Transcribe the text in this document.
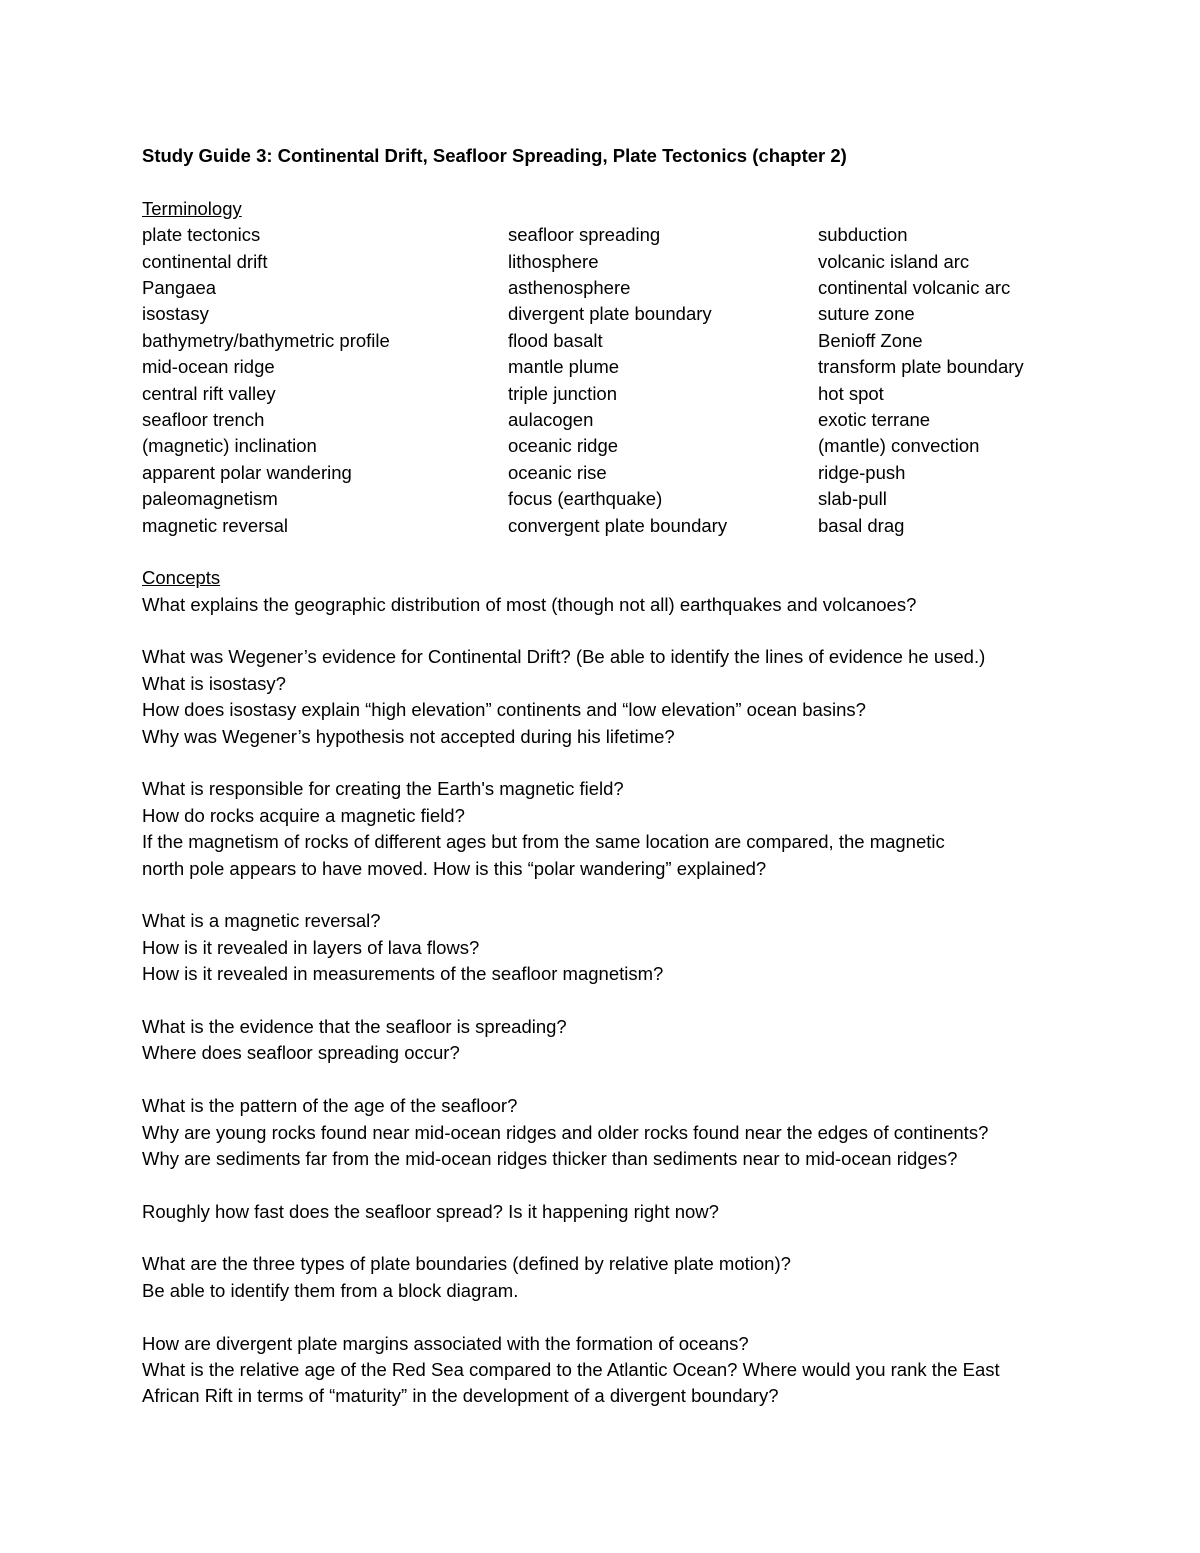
Study Guide 3: Continental Drift, Seafloor Spreading, Plate Tectonics (chapter 2)
Terminology
plate tectonics
continental drift
Pangaea
isostasy
bathymetry/bathymetric profile
mid-ocean ridge
central rift valley
seafloor trench
(magnetic) inclination
apparent polar wandering
paleomagnetism
magnetic reversal
seafloor spreading
lithosphere
asthenosphere
divergent plate boundary
flood basalt
mantle plume
triple junction
aulacogen
oceanic ridge
oceanic rise
focus (earthquake)
convergent plate boundary
subduction
volcanic island arc
continental volcanic arc
suture zone
Benioff Zone
transform plate boundary
hot spot
exotic terrane
(mantle) convection
ridge-push
slab-pull
basal drag
Concepts
What explains the geographic distribution of most (though not all) earthquakes and volcanoes?
What was Wegener’s evidence for Continental Drift? (Be able to identify the lines of evidence he used.)
What is isostasy?
How does isostasy explain “high elevation” continents and “low elevation” ocean basins?
Why was Wegener’s hypothesis not accepted during his lifetime?
What is responsible for creating the Earth's magnetic field?
How do rocks acquire a magnetic field?
If the magnetism of rocks of different ages but from the same location are compared, the magnetic
north pole appears to have moved. How is this “polar wandering” explained?
What is a magnetic reversal?
How is it revealed in layers of lava flows?
How is it revealed in measurements of the seafloor magnetism?
What is the evidence that the seafloor is spreading?
Where does seafloor spreading occur?
What is the pattern of the age of the seafloor?
Why are young rocks found near mid-ocean ridges and older rocks found near the edges of continents?
Why are sediments far from the mid-ocean ridges thicker than sediments near to mid-ocean ridges?
Roughly how fast does the seafloor spread? Is it happening right now?
What are the three types of plate boundaries (defined by relative plate motion)?
Be able to identify them from a block diagram.
How are divergent plate margins associated with the formation of oceans?
What is the relative age of the Red Sea compared to the Atlantic Ocean? Where would you rank the East
African Rift in terms of “maturity” in the development of a divergent boundary?
